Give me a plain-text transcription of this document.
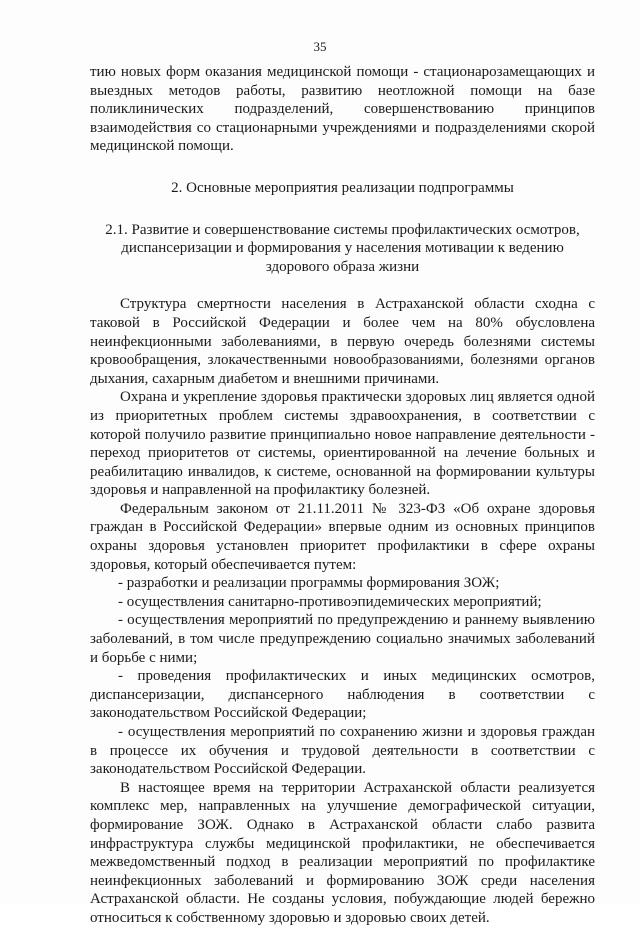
35

тию новых форм оказания медицинской помощи - стационарозамещающих и выездных методов работы, развитию неотложной помощи на базе поликлинических подразделений, совершенствованию принципов взаимодействия со стационарными учреждениями и подразделениями скорой медицинской помощи.

2. Основные мероприятия реализации подпрограммы

2.1. Развитие и совершенствование системы профилактических осмотров, диспансеризации и формирования у населения мотивации к ведению здорового образа жизни

Структура смертности населения в Астраханской области сходна с таковой в Российской Федерации и более чем на 80% обусловлена неинфекционными заболеваниями, в первую очередь болезнями системы кровообращения, злокачественными новообразованиями, болезнями органов дыхания, сахарным диабетом и внешними причинами.

Охрана и укрепление здоровья практически здоровых лиц является одной из приоритетных проблем системы здравоохранения, в соответствии с которой получило развитие принципиально новое направление деятельности - переход приоритетов от системы, ориентированной на лечение больных и реабилитацию инвалидов, к системе, основанной на формировании культуры здоровья и направленной на профилактику болезней.

Федеральным законом от 21.11.2011 № 323-ФЗ «Об охране здоровья граждан в Российской Федерации» впервые одним из основных принципов охраны здоровья установлен приоритет профилактики в сфере охраны здоровья, который обеспечивается путем:

- разработки и реализации программы формирования ЗОЖ;

- осуществления санитарно-противоэпидемических мероприятий;

- осуществления мероприятий по предупреждению и раннему выявлению заболеваний, в том числе предупреждению социально значимых заболеваний и борьбе с ними;

- проведения профилактических и иных медицинских осмотров, диспансеризации, диспансерного наблюдения в соответствии с законодательством Российской Федерации;

- осуществления мероприятий по сохранению жизни и здоровья граждан в процессе их обучения и трудовой деятельности в соответствии с законодательством Российской Федерации.

В настоящее время на территории Астраханской области реализуется комплекс мер, направленных на улучшение демографической ситуации, формирование ЗОЖ. Однако в Астраханской области слабо развита инфраструктура службы медицинской профилактики, не обеспечивается межведомственный подход в реализации мероприятий по профилактике неинфекционных заболеваний и формированию ЗОЖ среди населения Астраханской области. Не созданы условия, побуждающие людей бережно относиться к собственному здоровью и здоровью своих детей.
